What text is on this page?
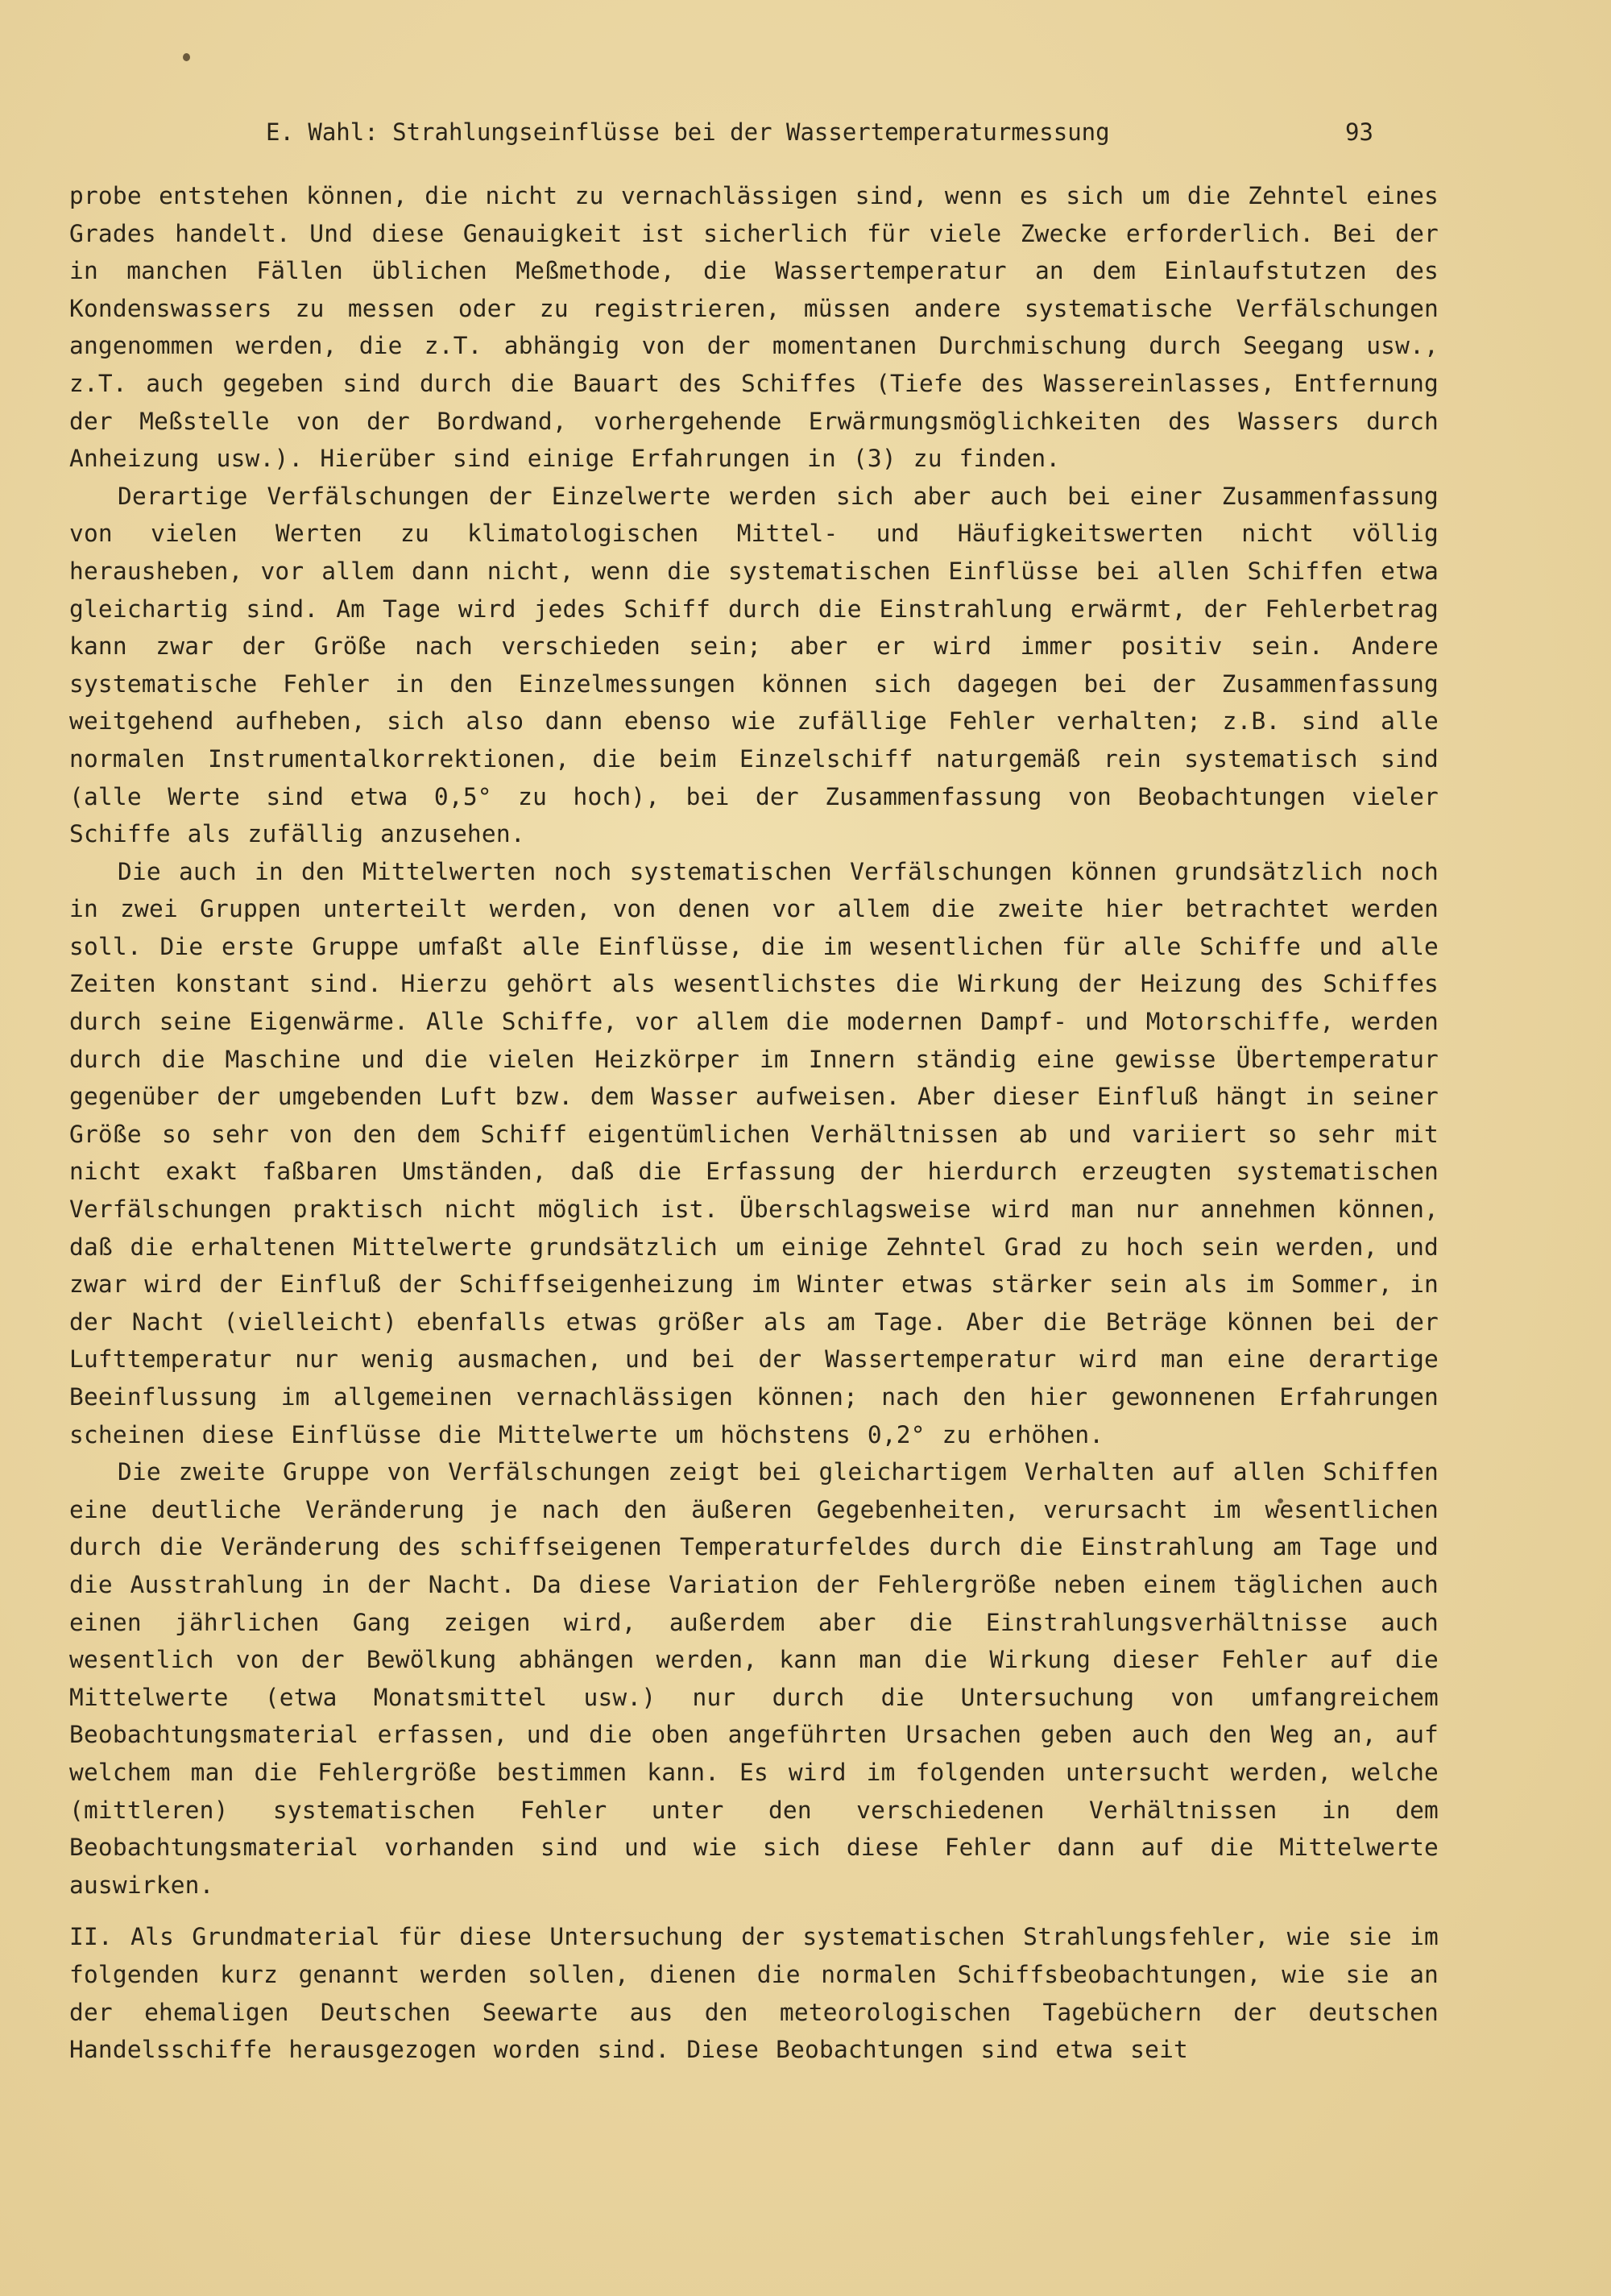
E. Wahl: Strahlungseinflüsse bei der Wassertemperaturmessung	93

probe entstehen können, die nicht zu vernachlässigen sind, wenn es sich um die Zehntel eines Grades handelt. Und diese Genauigkeit ist sicherlich für viele Zwecke erforderlich. Bei der in manchen Fällen üblichen Meßmethode, die Wassertemperatur an dem Einlaufstutzen des Kondenswassers zu messen oder zu registrieren, müssen andere systematische Verfälschungen angenommen werden, die z.T. abhängig von der momentanen Durchmischung durch Seegang usw., z.T. auch gegeben sind durch die Bauart des Schiffes (Tiefe des Wassereinlasses, Entfernung der Meßstelle von der Bordwand, vorhergehende Erwärmungsmöglichkeiten des Wassers durch Anheizung usw.). Hierüber sind einige Erfahrungen in (3) zu finden.

Derartige Verfälschungen der Einzelwerte werden sich aber auch bei einer Zusammenfassung von vielen Werten zu klimatologischen Mittel- und Häufigkeitswerten nicht völlig herausheben, vor allem dann nicht, wenn die systematischen Einflüsse bei allen Schiffen etwa gleichartig sind. Am Tage wird jedes Schiff durch die Einstrahlung erwärmt, der Fehlerbetrag kann zwar der Größe nach verschieden sein; aber er wird immer positiv sein. Andere systematische Fehler in den Einzelmessungen können sich dagegen bei der Zusammenfassung weitgehend aufheben, sich also dann ebenso wie zufällige Fehler verhalten; z.B. sind alle normalen Instrumentalkorrektionen, die beim Einzelschiff naturgemäß rein systematisch sind (alle Werte sind etwa 0,5° zu hoch), bei der Zusammenfassung von Beobachtungen vieler Schiffe als zufällig anzusehen.

Die auch in den Mittelwerten noch systematischen Verfälschungen können grundsätzlich noch in zwei Gruppen unterteilt werden, von denen vor allem die zweite hier betrachtet werden soll. Die erste Gruppe umfaßt alle Einflüsse, die im wesentlichen für alle Schiffe und alle Zeiten konstant sind. Hierzu gehört als wesentlichstes die Wirkung der Heizung des Schiffes durch seine Eigenwärme. Alle Schiffe, vor allem die modernen Dampf- und Motorschiffe, werden durch die Maschine und die vielen Heizkörper im Innern ständig eine gewisse Übertemperatur gegenüber der umgebenden Luft bzw. dem Wasser aufweisen. Aber dieser Einfluß hängt in seiner Größe so sehr von den dem Schiff eigentümlichen Verhältnissen ab und variiert so sehr mit nicht exakt faßbaren Umständen, daß die Erfassung der hierdurch erzeugten systematischen Verfälschungen praktisch nicht möglich ist. Überschlagsweise wird man nur annehmen können, daß die erhaltenen Mittelwerte grundsätzlich um einige Zehntel Grad zu hoch sein werden, und zwar wird der Einfluß der Schiffseigenheizung im Winter etwas stärker sein als im Sommer, in der Nacht (vielleicht) ebenfalls etwas größer als am Tage. Aber die Beträge können bei der Lufttemperatur nur wenig ausmachen, und bei der Wassertemperatur wird man eine derartige Beeinflussung im allgemeinen vernachlässigen können; nach den hier gewonnenen Erfahrungen scheinen diese Einflüsse die Mittelwerte um höchstens 0,2° zu erhöhen.

Die zweite Gruppe von Verfälschungen zeigt bei gleichartigem Verhalten auf allen Schiffen eine deutliche Veränderung je nach den äußeren Gegebenheiten, verursacht im wesentlichen durch die Veränderung des schiffseigenen Temperaturfeldes durch die Einstrahlung am Tage und die Ausstrahlung in der Nacht. Da diese Variation der Fehlergröße neben einem täglichen auch einen jährlichen Gang zeigen wird, außerdem aber die Einstrahlungsverhältnisse auch wesentlich von der Bewölkung abhängen werden, kann man die Wirkung dieser Fehler auf die Mittelwerte (etwa Monatsmittel usw.) nur durch die Untersuchung von umfangreichem Beobachtungsmaterial erfassen, und die oben angeführten Ursachen geben auch den Weg an, auf welchem man die Fehlergröße bestimmen kann. Es wird im folgenden untersucht werden, welche (mittleren) systematischen Fehler unter den verschiedenen Verhältnissen in dem Beobachtungsmaterial vorhanden sind und wie sich diese Fehler dann auf die Mittelwerte auswirken.

II. Als Grundmaterial für diese Untersuchung der systematischen Strahlungsfehler, wie sie im folgenden kurz genannt werden sollen, dienen die normalen Schiffsbeobachtungen, wie sie an der ehemaligen Deutschen Seewarte aus den meteorologischen Tagebüchern der deutschen Handelsschiffe herausgezogen worden sind. Diese Beobachtungen sind etwa seit
